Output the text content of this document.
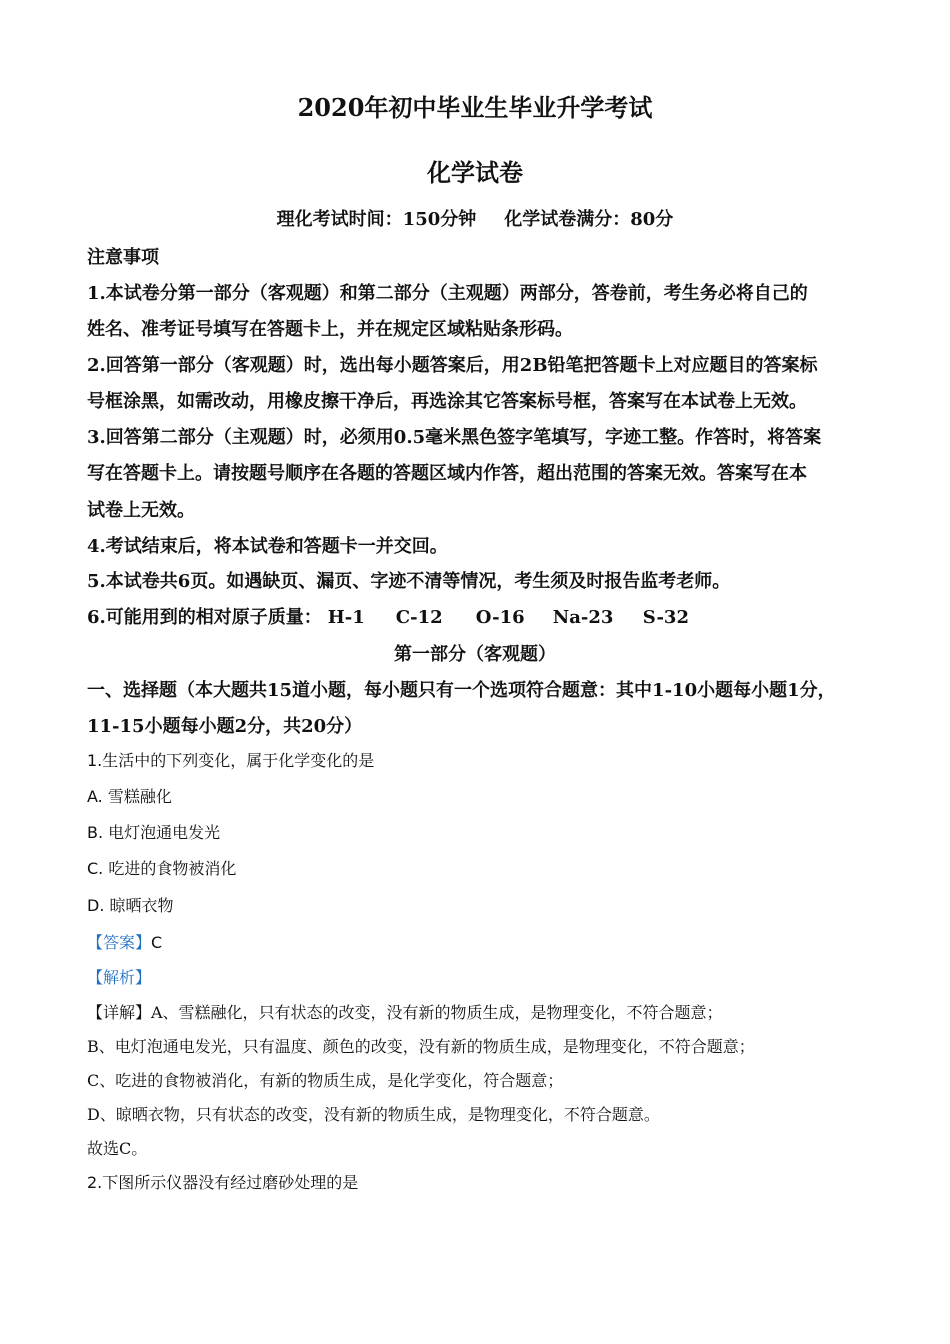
2020年初中毕业生毕业升学考试
化学试卷
理化考试时间：150分钟 化学试卷满分：80分
注意事项
1.本试卷分第一部分（客观题）和第二部分（主观题）两部分，答卷前，考生务必将自己的
姓名、准考证号填写在答题卡上，并在规定区域粘贴条形码。
2.回答第一部分（客观题）时，选出每小题答案后，用2B铅笔把答题卡上对应题目的答案标
号框涂黑，如需改动，用橡皮擦干净后，再选涂其它答案标号框，答案写在本试卷上无效。
3.回答第二部分（主观题）时，必须用0.5毫米黑色签字笔填写，字迹工整。作答时，将答案
写在答题卡上。请按题号顺序在各题的答题区域内作答，超出范围的答案无效。答案写在本
试卷上无效。
4.考试结束后，将本试卷和答题卡一并交回。
5.本试卷共6页。如遇缺页、漏页、字迹不清等情况，考生须及时报告监考老师。
6.可能用到的相对原子质量： H-1 C-12 O-16 Na-23 S-32
第一部分（客观题）
一、选择题（本大题共15道小题，每小题只有一个选项符合题意：其中1-10小题每小题1分，
11-15小题每小题2分，共20分）
1.生活中的下列变化，属于化学变化的是
A. 雪糕融化
B. 电灯泡通电发光
C. 吃进的食物被消化
D. 晾晒衣物
【答案】C
【解析】
【详解】A、雪糕融化，只有状态的改变，没有新的物质生成，是物理变化，不符合题意；
B、电灯泡通电发光，只有温度、颜色的改变，没有新的物质生成，是物理变化，不符合题意；
C、吃进的食物被消化，有新的物质生成，是化学变化，符合题意；
D、晾晒衣物，只有状态的改变，没有新的物质生成，是物理变化，不符合题意。
故选C。
2.下图所示仪器没有经过磨砂处理的是
